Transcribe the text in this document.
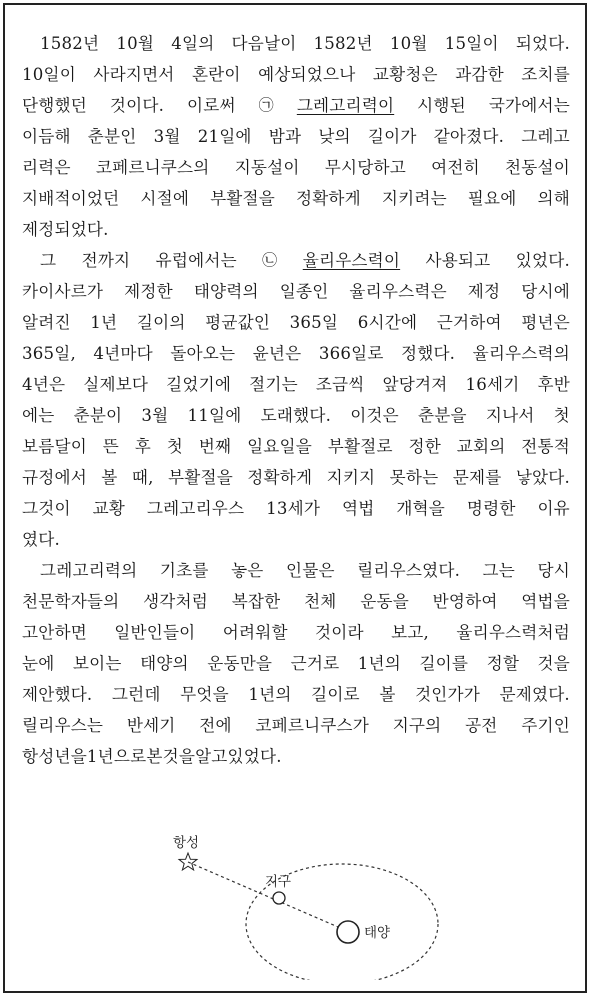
1582년 10월 4일의 다음날이 1582년 10월 15일이 되었다.
10일이 사라지면서 혼란이 예상되었으나 교황청은 과감한 조치를
단행했던 것이다. 이로써 ㉠ 그레고리력이 시행된 국가에서는
이듬해 춘분인 3월 21일에 밤과 낮의 길이가 같아졌다. 그레고
리력은 코페르니쿠스의 지동설이 무시당하고 여전히 천동설이
지배적이었던 시절에 부활절을 정확하게 지키려는 필요에 의해
제정되었다.
그 전까지 유럽에서는 ㉡ 율리우스력이 사용되고 있었다.
카이사르가 제정한 태양력의 일종인 율리우스력은 제정 당시에
알려진 1년 길이의 평균값인 365일 6시간에 근거하여 평년은
365일, 4년마다 돌아오는 윤년은 366일로 정했다. 율리우스력의
4년은 실제보다 길었기에 절기는 조금씩 앞당겨져 16세기 후반
에는 춘분이 3월 11일에 도래했다. 이것은 춘분을 지나서 첫
보름달이 뜬 후 첫 번째 일요일을 부활절로 정한 교회의 전통적
규정에서 볼 때, 부활절을 정확하게 지키지 못하는 문제를 낳았다.
그것이 교황 그레고리우스 13세가 역법 개혁을 명령한 이유
였다.
그레고리력의 기초를 놓은 인물은 릴리우스였다. 그는 당시
천문학자들의 생각처럼 복잡한 천체 운동을 반영하여 역법을
고안하면 일반인들이 어려워할 것이라 보고, 율리우스력처럼
눈에 보이는 태양의 운동만을 근거로 1년의 길이를 정할 것을
제안했다. 그런데 무엇을 1년의 길이로 볼 것인가가 문제였다.
릴리우스는 반세기 전에 코페르니쿠스가 지구의 공전 주기인
항성년을 1년으로 본 것을 알고 있었다.
항성
지구
태양
